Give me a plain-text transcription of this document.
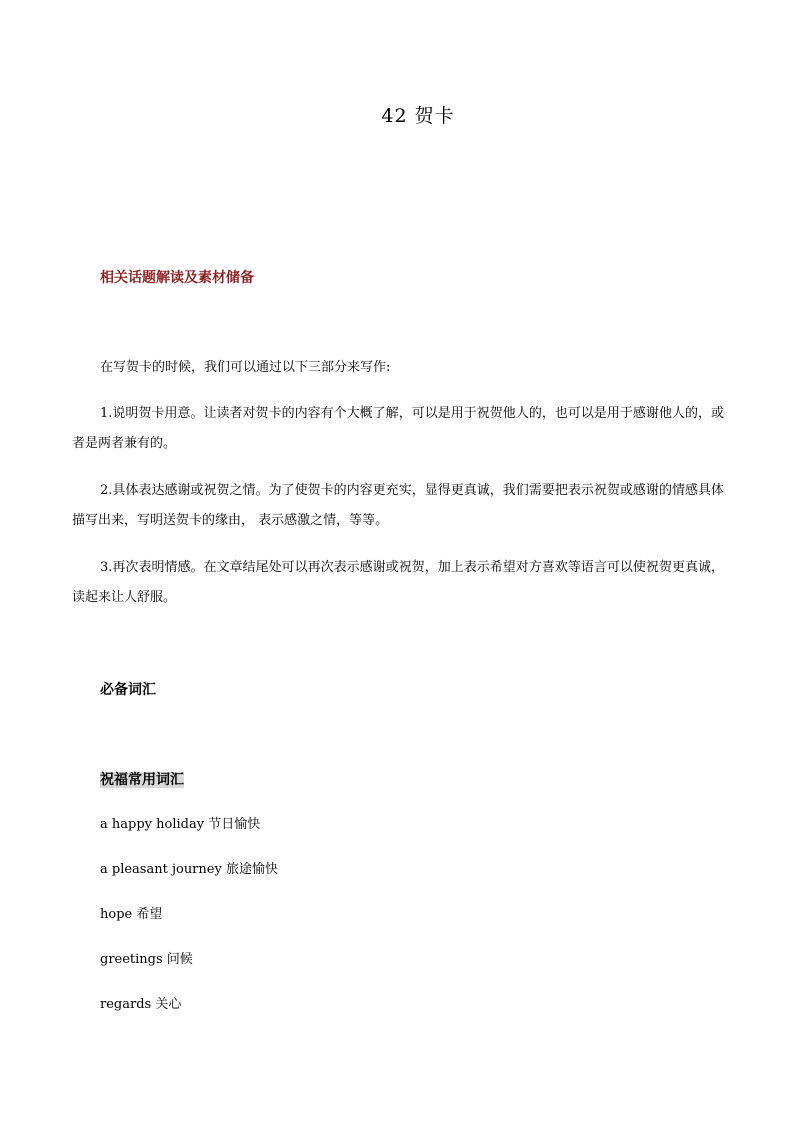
42 贺卡
相关话题解读及素材储备

在写贺卡的时候，我们可以通过以下三部分来写作:

1.说明贺卡用意。让读者对贺卡的内容有个大概了解，可以是用于祝贺他人的，也可以是用于感谢他人的，或者是两者兼有的。

2.具体表达感谢或祝贺之情。为了使贺卡的内容更充实，显得更真诚，我们需要把表示祝贺或感谢的情感具体描写出来，写明送贺卡的缘由， 表示感激之情，等等。

3.再次表明情感。在文章结尾处可以再次表示感谢或祝贺，加上表示希望对方喜欢等语言可以使祝贺更真诚，读起来让人舒服。

必备词汇
祝福常用词汇
a happy holiday 节日愉快
a pleasant journey 旅途愉快
hope 希望
greetings 问候
regards 关心
